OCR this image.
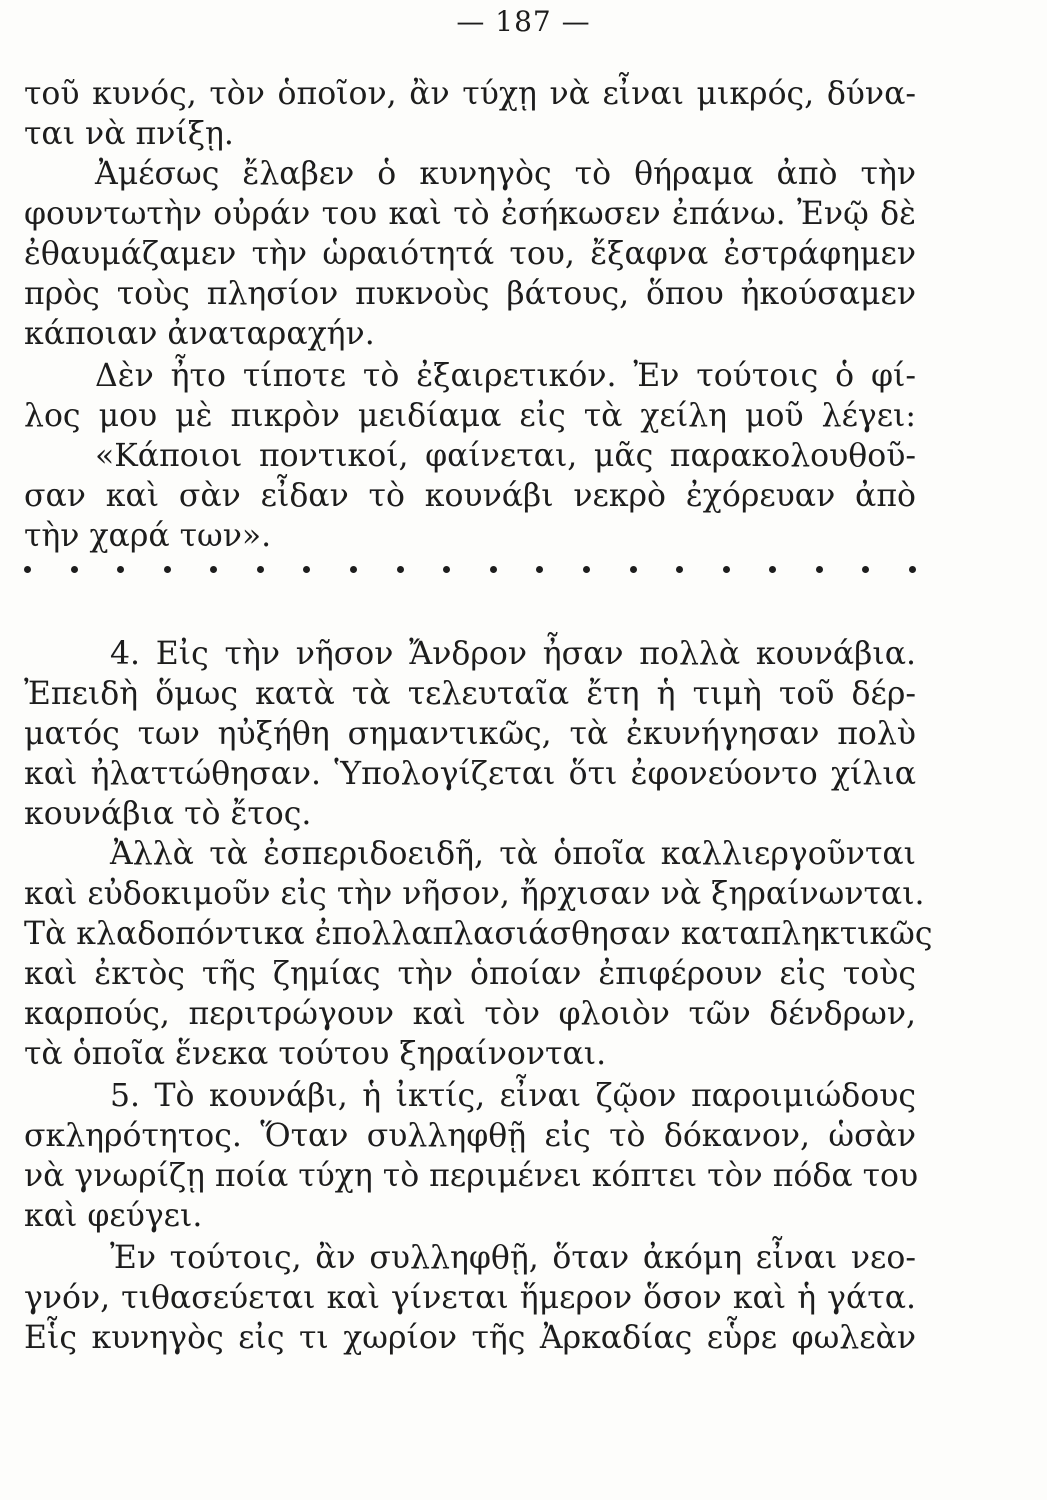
— 187 —
τοῦ κυνός, τὸν ὁποῖον, ἂν τύχῃ νὰ εἶναι μικρός, δύνα-
ται νὰ πνίξῃ.
Ἀμέσως ἔλαβεν ὁ κυνηγὸς τὸ θήραμα ἀπὸ τὴν
φουντωτὴν οὐράν του καὶ τὸ ἐσήκωσεν ἐπάνω. Ἐνῷ δὲ
ἐθαυμάζαμεν τὴν ὡραιότητά του, ἔξαφνα ἐστράφημεν
πρὸς τοὺς πλησίον πυκνοὺς βάτους, ὅπου ἠκούσαμεν
κάποιαν ἀναταραχήν.
Δὲν ἦτο τίποτε τὸ ἐξαιρετικόν. Ἐν τούτοις ὁ φί-
λος μου μὲ πικρὸν μειδίαμα εἰς τὰ χείλη μοῦ λέγει:
«Κάποιοι ποντικοί, φαίνεται, μᾶς παρακολουθοῦ-
σαν καὶ σὰν εἶδαν τὸ κουνάβι νεκρὸ ἐχόρευαν ἀπὸ
τὴν χαρά των».
4. Εἰς τὴν νῆσον Ἄνδρον ἦσαν πολλὰ κουνάβια.
Ἐπειδὴ ὅμως κατὰ τὰ τελευταῖα ἔτη ἡ τιμὴ τοῦ δέρ-
ματός των ηὐξήθη σημαντικῶς, τὰ ἐκυνήγησαν πολὺ
καὶ ἠλαττώθησαν. Ὑπολογίζεται ὅτι ἐφονεύοντο χίλια
κουνάβια τὸ ἔτος.
Ἀλλὰ τὰ ἐσπεριδοειδῆ, τὰ ὁποῖα καλλιεργοῦνται
καὶ εὐδοκιμοῦν εἰς τὴν νῆσον, ἤρχισαν νὰ ξηραίνωνται.
Τὰ κλαδοπόντικα ἐπολλαπλασιάσθησαν καταπληκτικῶς
καὶ ἐκτὸς τῆς ζημίας τὴν ὁποίαν ἐπιφέρουν εἰς τοὺς
καρπούς, περιτρώγουν καὶ τὸν φλοιὸν τῶν δένδρων,
τὰ ὁποῖα ἕνεκα τούτου ξηραίνονται.
5. Τὸ κουνάβι, ἡ ἰκτίς, εἶναι ζῷον παροιμιώδους
σκληρότητος. Ὅταν συλληφθῇ εἰς τὸ δόκανον, ὡσὰν
νὰ γνωρίζῃ ποία τύχη τὸ περιμένει κόπτει τὸν πόδα του
καὶ φεύγει.
Ἐν τούτοις, ἂν συλληφθῇ, ὅταν ἀκόμη εἶναι νεο-
γνόν, τιθασεύεται καὶ γίνεται ἥμερον ὅσον καὶ ἡ γάτα.
Εἷς κυνηγὸς εἰς τι χωρίον τῆς Ἀρκαδίας εὗρε φωλεὰν
